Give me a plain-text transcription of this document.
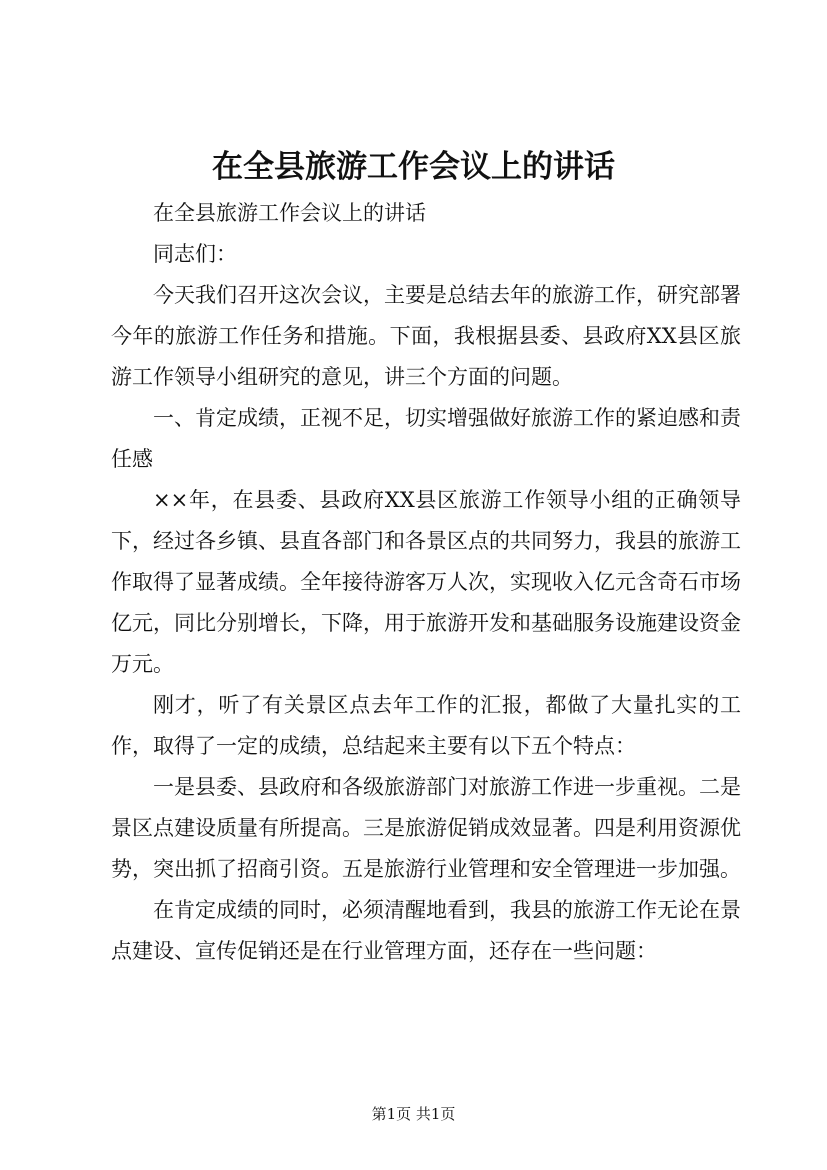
在全县旅游工作会议上的讲话

在全县旅游工作会议上的讲话

同志们：

今天我们召开这次会议，主要是总结去年的旅游工作，研究部署今年的旅游工作任务和措施。下面，我根据县委、县政府XX县区旅游工作领导小组研究的意见，讲三个方面的问题。

一、肯定成绩，正视不足，切实增强做好旅游工作的紧迫感和责任感

××年，在县委、县政府XX县区旅游工作领导小组的正确领导下，经过各乡镇、县直各部门和各景区点的共同努力，我县的旅游工作取得了显著成绩。全年接待游客万人次，实现收入亿元含奇石市场亿元，同比分别增长，下降，用于旅游开发和基础服务设施建设资金万元。

刚才，听了有关景区点去年工作的汇报，都做了大量扎实的工作，取得了一定的成绩，总结起来主要有以下五个特点：

一是县委、县政府和各级旅游部门对旅游工作进一步重视。二是景区点建设质量有所提高。三是旅游促销成效显著。四是利用资源优势，突出抓了招商引资。五是旅游行业管理和安全管理进一步加强。

在肯定成绩的同时，必须清醒地看到，我县的旅游工作无论在景点建设、宣传促销还是在行业管理方面，还存在一些问题：

第1页 共1页
